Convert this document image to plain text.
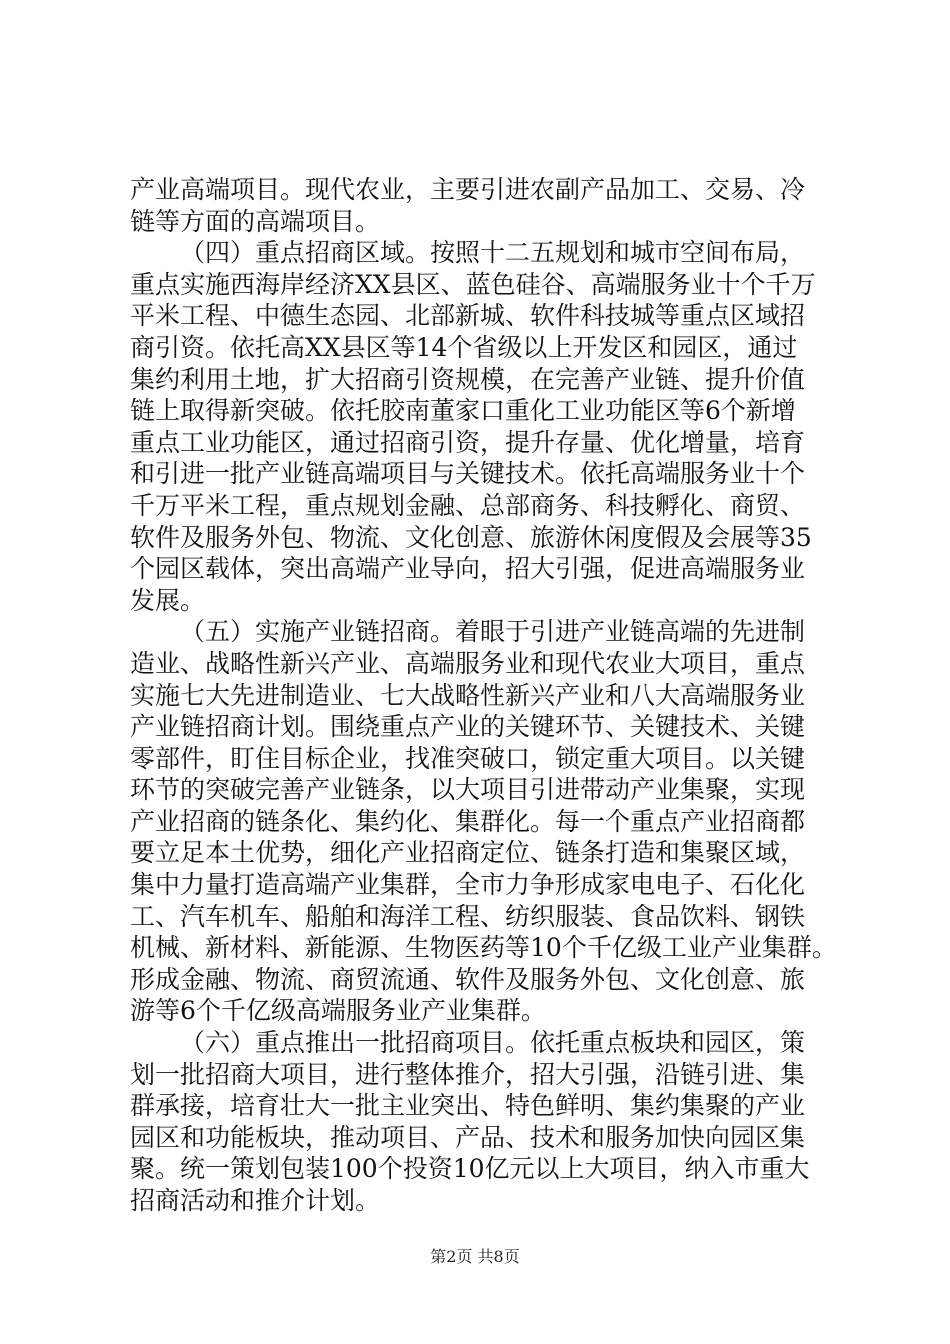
产业高端项目。现代农业，主要引进农副产品加工、交易、冷
链等方面的高端项目。
（四）重点招商区域。按照十二五规划和城市空间布局，
重点实施西海岸经济XX县区、蓝色硅谷、高端服务业十个千万
平米工程、中德生态园、北部新城、软件科技城等重点区域招
商引资。依托高XX县区等14个省级以上开发区和园区，通过
集约利用土地，扩大招商引资规模，在完善产业链、提升价值
链上取得新突破。依托胶南董家口重化工业功能区等6个新增
重点工业功能区，通过招商引资，提升存量、优化增量，培育
和引进一批产业链高端项目与关键技术。依托高端服务业十个
千万平米工程，重点规划金融、总部商务、科技孵化、商贸、
软件及服务外包、物流、文化创意、旅游休闲度假及会展等35
个园区载体，突出高端产业导向，招大引强，促进高端服务业
发展。
（五）实施产业链招商。着眼于引进产业链高端的先进制
造业、战略性新兴产业、高端服务业和现代农业大项目，重点
实施七大先进制造业、七大战略性新兴产业和八大高端服务业
产业链招商计划。围绕重点产业的关键环节、关键技术、关键
零部件，盯住目标企业，找准突破口，锁定重大项目。以关键
环节的突破完善产业链条，以大项目引进带动产业集聚，实现
产业招商的链条化、集约化、集群化。每一个重点产业招商都
要立足本土优势，细化产业招商定位、链条打造和集聚区域，
集中力量打造高端产业集群，全市力争形成家电电子、石化化
工、汽车机车、船舶和海洋工程、纺织服装、食品饮料、钢铁
机械、新材料、新能源、生物医药等10个千亿级工业产业集群。
形成金融、物流、商贸流通、软件及服务外包、文化创意、旅
游等6个千亿级高端服务业产业集群。
（六）重点推出一批招商项目。依托重点板块和园区，策
划一批招商大项目，进行整体推介，招大引强，沿链引进、集
群承接，培育壮大一批主业突出、特色鲜明、集约集聚的产业
园区和功能板块，推动项目、产品、技术和服务加快向园区集
聚。统一策划包装100个投资10亿元以上大项目，纳入市重大
招商活动和推介计划。
第2页 共8页
